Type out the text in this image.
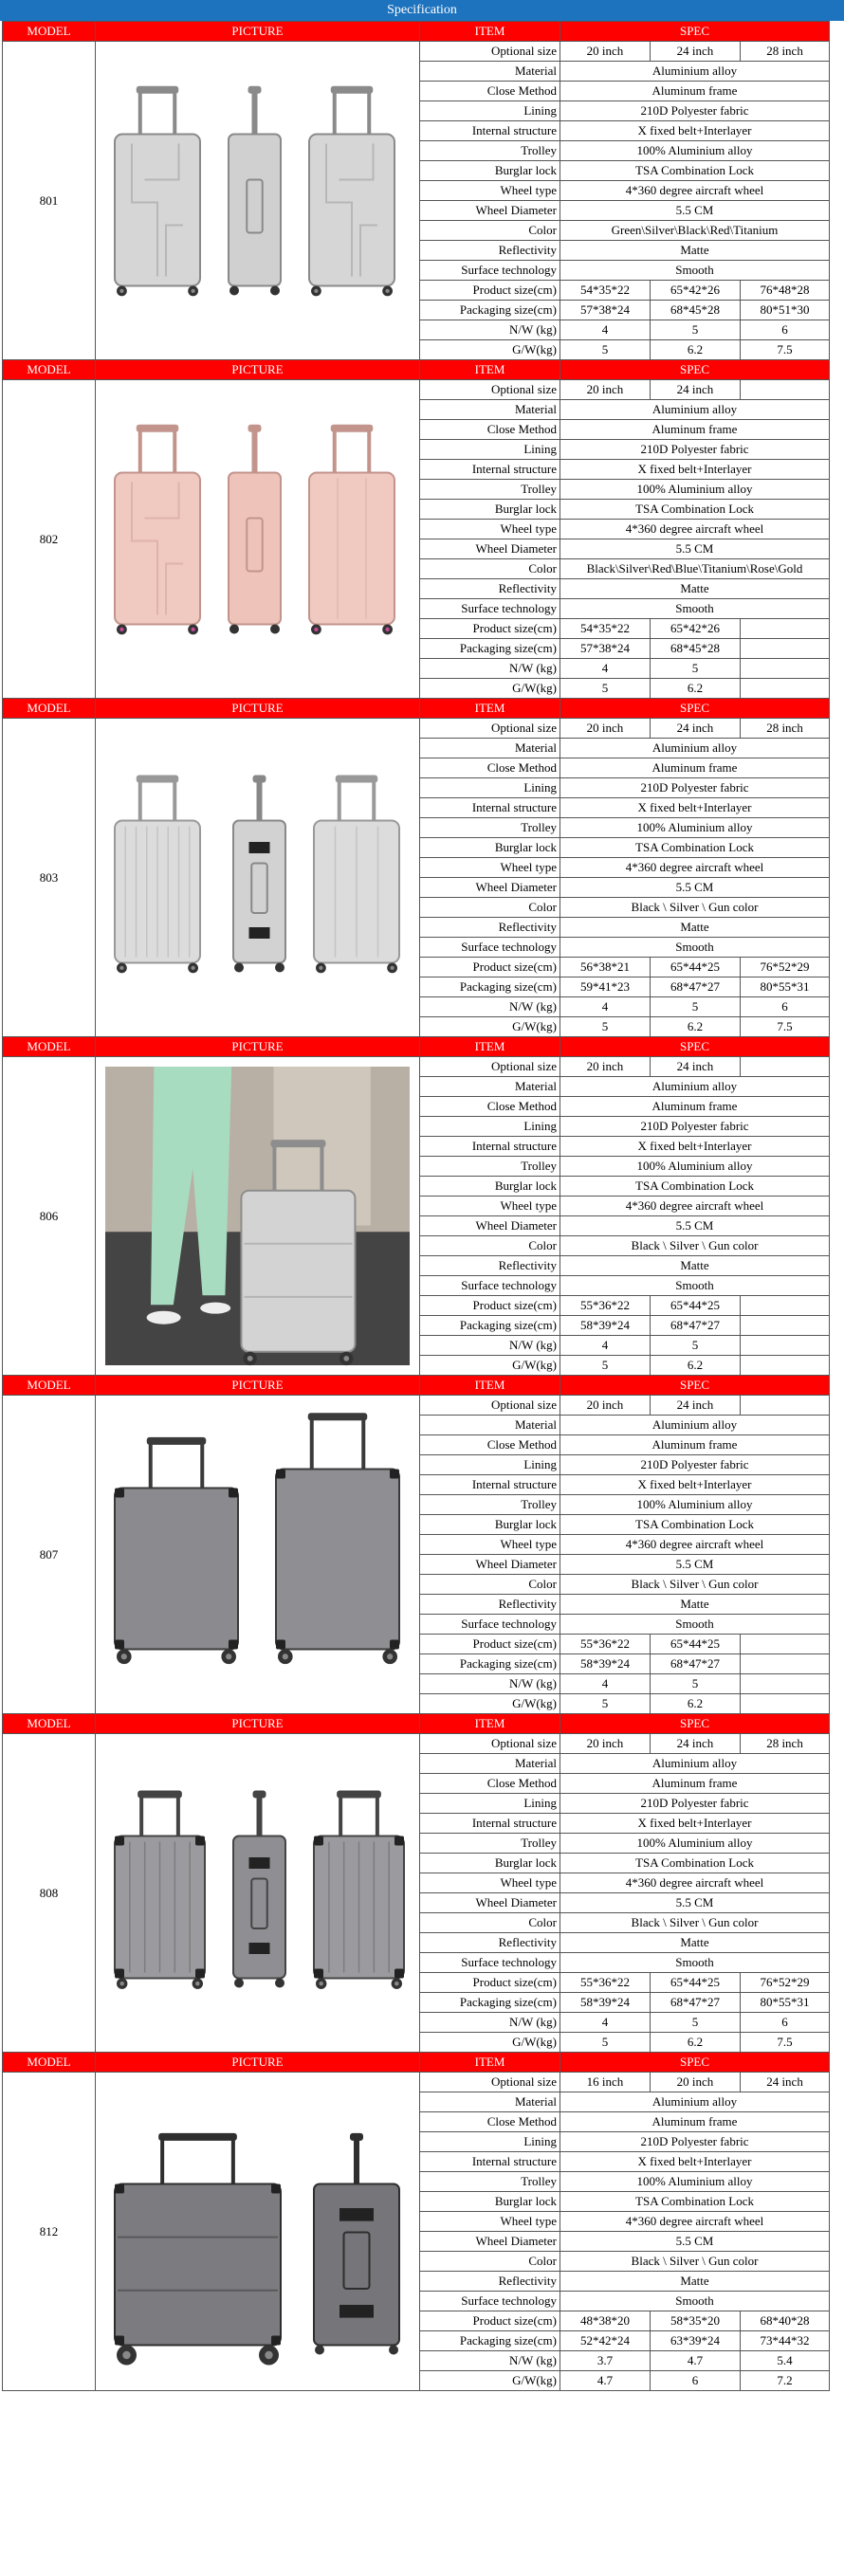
Specification
MODEL	PICTURE	ITEM	SPEC		
801		Optional size	20 inch	24 inch	28 inch
		Material	Aluminium alloy		
		Close Method	Aluminum frame		
		Lining	210D Polyester fabric		
		Internal structure	X fixed belt+Interlayer		
		Trolley	100% Aluminium alloy		
		Burglar lock	TSA Combination Lock		
		Wheel type	4*360 degree aircraft wheel		
		Wheel Diameter	5.5 CM		
		Color	Green\Silver\Black\Red\Titanium		
		Reflectivity	Matte		
		Surface technology	Smooth		
		Product size(cm)	54*35*22	65*42*26	76*48*28
		Packaging size(cm)	57*38*24	68*45*28	80*51*30
		N/W (kg)	4	5	6
		G/W(kg)	5	6.2	7.5
MODEL	PICTURE	ITEM	SPEC		
802		Optional size	20 inch	24 inch	
		Material	Aluminium alloy		
		Close Method	Aluminum frame		
		Lining	210D Polyester fabric		
		Internal structure	X fixed belt+Interlayer		
		Trolley	100% Aluminium alloy		
		Burglar lock	TSA Combination Lock		
		Wheel type	4*360 degree aircraft wheel		
		Wheel Diameter	5.5 CM		
		Color	Black\Silver\Red\Blue\Titanium\Rose\Gold		
		Reflectivity	Matte		
		Surface technology	Smooth		
		Product size(cm)	54*35*22	65*42*26	
		Packaging size(cm)	57*38*24	68*45*28	
		N/W (kg)	4	5	
		G/W(kg)	5	6.2	
MODEL	PICTURE	ITEM	SPEC		
803		Optional size	20 inch	24 inch	28 inch
		Material	Aluminium alloy		
		Close Method	Aluminum frame		
		Lining	210D Polyester fabric		
		Internal structure	X fixed belt+Interlayer		
		Trolley	100% Aluminium alloy		
		Burglar lock	TSA Combination Lock		
		Wheel type	4*360 degree aircraft wheel		
		Wheel Diameter	5.5 CM		
		Color	Black \ Silver \ Gun color		
		Reflectivity	Matte		
		Surface technology	Smooth		
		Product size(cm)	56*38*21	65*44*25	76*52*29
		Packaging size(cm)	59*41*23	68*47*27	80*55*31
		N/W (kg)	4	5	6
		G/W(kg)	5	6.2	7.5
MODEL	PICTURE	ITEM	SPEC		
806		Optional size	20 inch	24 inch	
		Material	Aluminium alloy		
		Close Method	Aluminum frame		
		Lining	210D Polyester fabric		
		Internal structure	X fixed belt+Interlayer		
		Trolley	100% Aluminium alloy		
		Burglar lock	TSA Combination Lock		
		Wheel type	4*360 degree aircraft wheel		
		Wheel Diameter	5.5 CM		
		Color	Black \ Silver \ Gun color		
		Reflectivity	Matte		
		Surface technology	Smooth		
		Product size(cm)	55*36*22	65*44*25	
		Packaging size(cm)	58*39*24	68*47*27	
		N/W (kg)	4	5	
		G/W(kg)	5	6.2	
MODEL	PICTURE	ITEM	SPEC		
807		Optional size	20 inch	24 inch	
		Material	Aluminium alloy		
		Close Method	Aluminum frame		
		Lining	210D Polyester fabric		
		Internal structure	X fixed belt+Interlayer		
		Trolley	100% Aluminium alloy		
		Burglar lock	TSA Combination Lock		
		Wheel type	4*360 degree aircraft wheel		
		Wheel Diameter	5.5 CM		
		Color	Black \ Silver \ Gun color		
		Reflectivity	Matte		
		Surface technology	Smooth		
		Product size(cm)	55*36*22	65*44*25	
		Packaging size(cm)	58*39*24	68*47*27	
		N/W (kg)	4	5	
		G/W(kg)	5	6.2	
MODEL	PICTURE	ITEM	SPEC		
808		Optional size	20 inch	24 inch	28 inch
		Material	Aluminium alloy		
		Close Method	Aluminum frame		
		Lining	210D Polyester fabric		
		Internal structure	X fixed belt+Interlayer		
		Trolley	100% Aluminium alloy		
		Burglar lock	TSA Combination Lock		
		Wheel type	4*360 degree aircraft wheel		
		Wheel Diameter	5.5 CM		
		Color	Black \ Silver \ Gun color		
		Reflectivity	Matte		
		Surface technology	Smooth		
		Product size(cm)	55*36*22	65*44*25	76*52*29
		Packaging size(cm)	58*39*24	68*47*27	80*55*31
		N/W (kg)	4	5	6
		G/W(kg)	5	6.2	7.5
MODEL	PICTURE	ITEM	SPEC		
812		Optional size	16 inch	20 inch	24 inch
		Material	Aluminium alloy		
		Close Method	Aluminum frame		
		Lining	210D Polyester fabric		
		Internal structure	X fixed belt+Interlayer		
		Trolley	100% Aluminium alloy		
		Burglar lock	TSA Combination Lock		
		Wheel type	4*360 degree aircraft wheel		
		Wheel Diameter	5.5 CM		
		Color	Black \ Silver \ Gun color		
		Reflectivity	Matte		
		Surface technology	Smooth		
		Product size(cm)	48*38*20	58*35*20	68*40*28
		Packaging size(cm)	52*42*24	63*39*24	73*44*32
		N/W (kg)	3.7	4.7	5.4
		G/W(kg)	4.7	6	7.2
